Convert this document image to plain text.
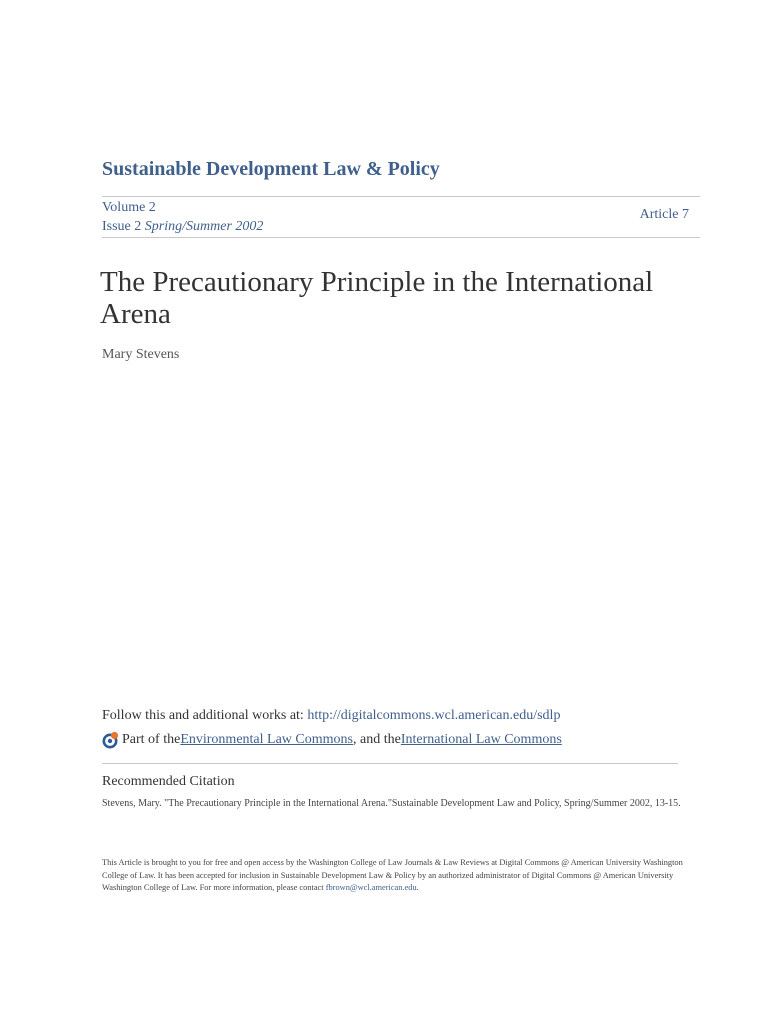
Sustainable Development Law & Policy
Volume 2
Issue 2 Spring/Summer 2002
Article 7
The Precautionary Principle in the International Arena
Mary Stevens
Follow this and additional works at: http://digitalcommons.wcl.american.edu/sdlp
Part of the Environmental Law Commons , and the International Law Commons
Recommended Citation
Stevens, Mary. "The Precautionary Principle in the International Arena."Sustainable Development Law and Policy, Spring/Summer 2002, 13-15.
This Article is brought to you for free and open access by the Washington College of Law Journals & Law Reviews at Digital Commons @ American University Washington College of Law. It has been accepted for inclusion in Sustainable Development Law & Policy by an authorized administrator of Digital Commons @ American University Washington College of Law. For more information, please contact fbrown@wcl.american.edu.
